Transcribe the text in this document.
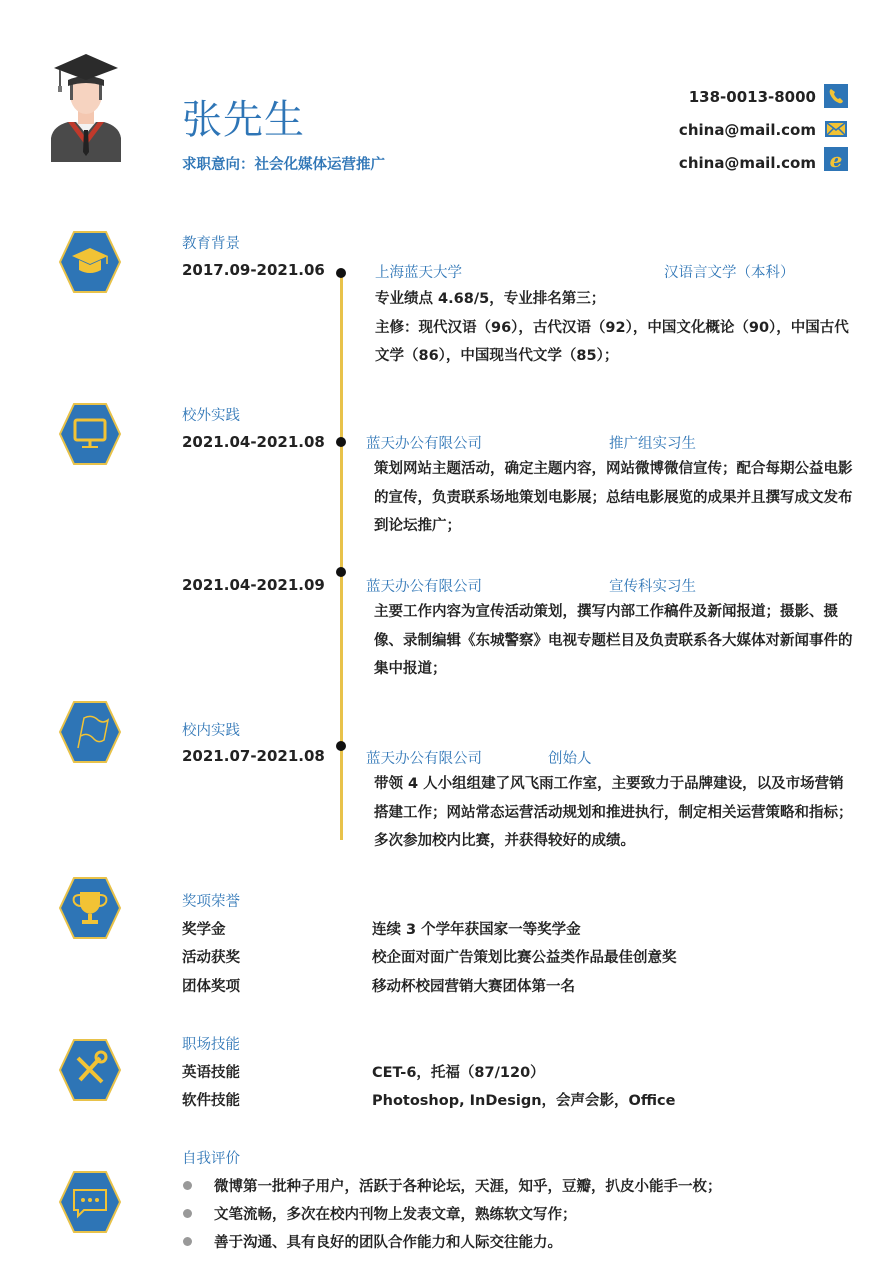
张先生
求职意向：社会化媒体运营推广
138-0013-8000
china@mail.com
china@mail.com e
教育背景
2017.09-2021.06	上海蓝天大学	汉语言文学（本科）
专业绩点 4.68/5，专业排名第三；
主修：现代汉语（96），古代汉语（92），中国文化概论（90），中国古代文学（86），中国现当代文学（85）；
校外实践
2021.04-2021.08	蓝天办公有限公司	推广组实习生
策划网站主题活动，确定主题内容，网站微博微信宣传；配合每期公益电影的宣传，负责联系场地策划电影展；总结电影展览的成果并且撰写成文发布到论坛推广；
2021.04-2021.09	蓝天办公有限公司	宣传科实习生
主要工作内容为宣传活动策划，撰写内部工作稿件及新闻报道；摄影、摄像、录制编辑《东城警察》电视专题栏目及负责联系各大媒体对新闻事件的集中报道；
校内实践
2021.07-2021.08	蓝天办公有限公司	创始人
带领 4 人小组组建了风飞雨工作室，主要致力于品牌建设，以及市场营销搭建工作；网站常态运营活动规划和推进执行，制定相关运营策略和指标；多次参加校内比赛，并获得较好的成绩。
奖项荣誉
奖学金	连续 3 个学年获国家一等奖学金
活动获奖	校企面对面广告策划比赛公益类作品最佳创意奖
团体奖项	移动杯校园营销大赛团体第一名
职场技能
英语技能	CET-6，托福（87/120）
软件技能	Photoshop, InDesign，会声会影，Office
自我评价
微博第一批种子用户，活跃于各种论坛，天涯，知乎，豆瓣，扒皮小能手一枚；
文笔流畅，多次在校内刊物上发表文章，熟练软文写作；
善于沟通、具有良好的团队合作能力和人际交往能力。
